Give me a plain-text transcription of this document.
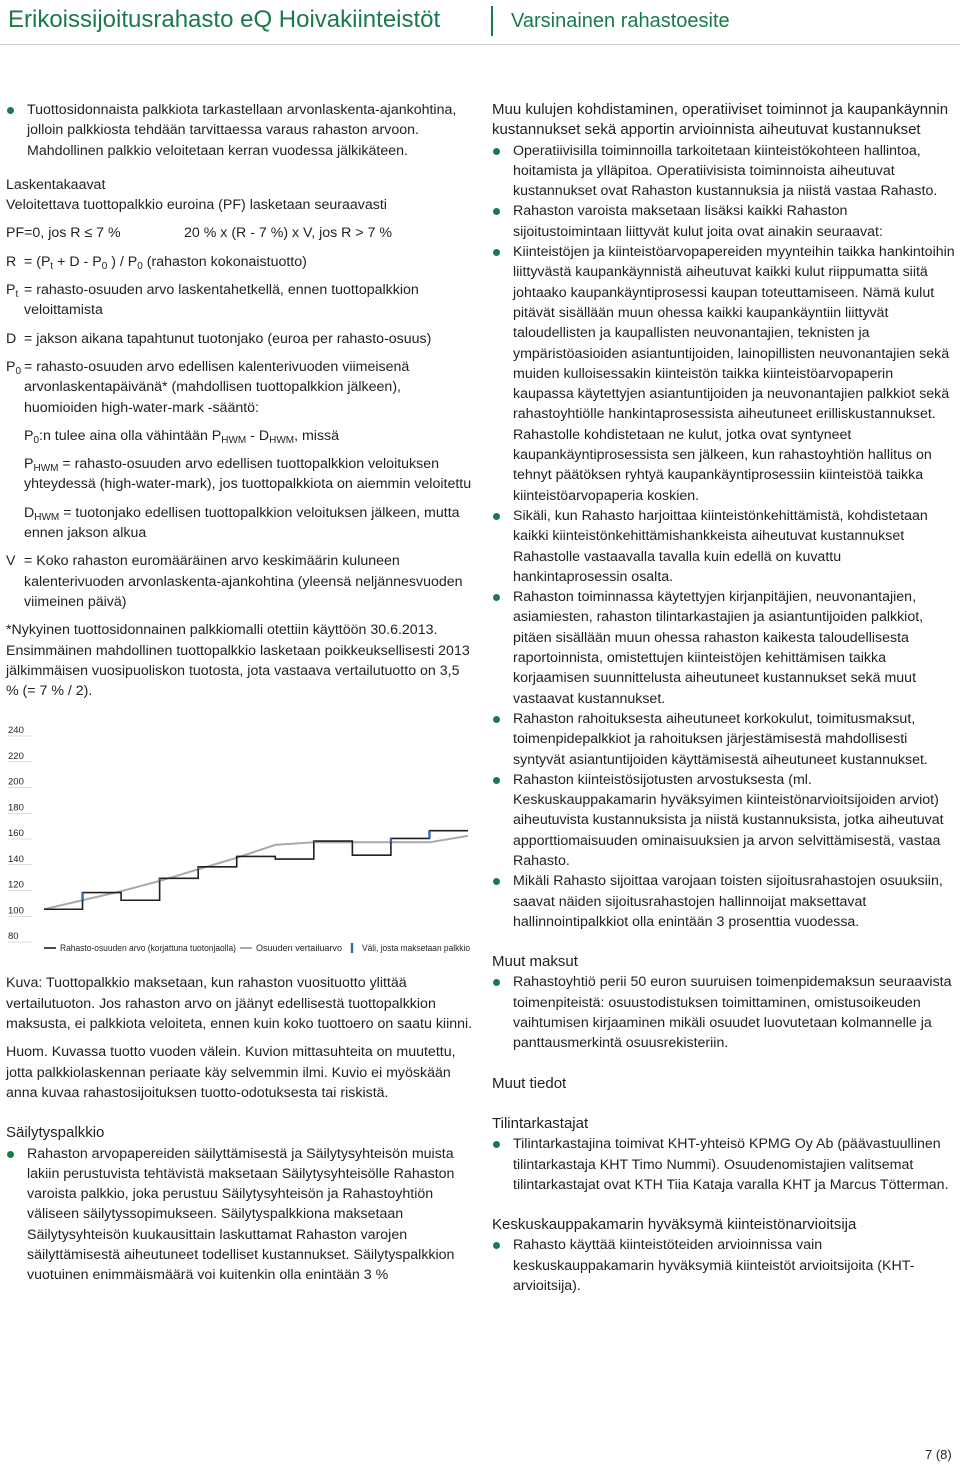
Erikoissijoitusrahasto eQ Hoivakiinteistöt	Varsinainen rahastoesite
Tuottosidonnaista palkkiota tarkastellaan arvonlaskenta-ajankohtina, jolloin palkkiosta tehdään tarvittaessa varaus rahaston arvoon. Mahdollinen palkkio veloitetaan kerran vuodessa jälkikäteen.

Laskentakaavat

Veloitettava tuottopalkkio euroina (PF) lasketaan seuraavasti

PF=0, jos R ≤ 7 %	20 % x (R - 7 %) x V, jos R > 7 %
$R = (P_t + D - P_0$ ) / $P_0$ (rahaston kokonaistuotto)
$P_t$ = rahasto-osuuden arvo laskentahetkellä, ennen tuottopalkkion veloittamista
D = jakson aikana tapahtunut tuotonjako (euroa per rahasto-osuus)
$P_0$ = rahasto-osuuden arvo edellisen kalenterivuoden viimeisenä arvonlaskentapäivänä* (mahdollisen tuottopalkkion jälkeen), huomioiden high-water-mark -sääntö:
$P_0:n$ tulee aina olla vähintään $P_{HWM} - D_{HWM}$, missä
$P_{HWM}$ = rahasto-osuuden arvo edellisen tuottopalkkion veloituksen yhteydessä (high-water-mark), jos tuottopalkkiota on aiemmin veloitettu
$D_{HWM}$ = tuotonjako edellisen tuottopalkkion veloituksen jälkeen, mutta ennen jakson alkua
V = Koko rahaston euromääräinen arvo keskimäärin kuluneen kalenterivuoden arvonlaskenta-ajankohtina (yleensä neljännesvuoden viimeinen päivä)

*Nykyinen tuottosidonnainen palkkiomalli otettiin käyttöön 30.6.2013. Ensimmäinen mahdollinen tuottopalkkio lasketaan poikkeuksellisesti 2013 jälkimmäisen vuosipuoliskon tuotosta, jota vastaava vertailutuotto on 3,5 % (= 7 % / 2).

240
220
200
180
160
140
120
100
80
Rahasto-osuuden arvo (korjattuna tuotonjaolla) Osuuden vertailuarvo Väli, josta maksetaan palkkio

Kuva: Tuottopalkkio maksetaan, kun rahaston vuosituotto ylittää vertailutuoton. Jos rahaston arvo on jäänyt edellisestä tuottopalkkion maksusta, ei palkkiota veloiteta, ennen kuin koko tuottoero on saatu kiinni.

Huom. Kuvassa tuotto vuoden välein. Kuvion mittasuhteita on muutettu, jotta palkkiolaskennan periaate käy selvemmin ilmi. Kuvio ei myöskään anna kuvaa rahastosijoituksen tuotto-odotuksesta tai riskistä.

Säilytyspalkkio

Rahaston arvopapereiden säilyttämisestä ja Säilytysyhteisön muista lakiin perustuvista tehtävistä maksetaan Säilytysyhteisölle Rahaston varoista palkkio, joka perustuu Säilytysyhteisön ja Rahastoyhtiön väliseen säilytyssopimukseen. Säilytyspalkkiona maksetaan Säilytysyhteisön kuukausittain laskuttamat Rahaston varojen säilyttämisestä aiheutuneet todelliset kustannukset. Säilytyspalkkion vuotuinen enimmäismäärä voi kuitenkin olla enintään 3 %

Muu kulujen kohdistaminen, operatiiviset toiminnot ja kaupankäynnin kustannukset sekä apportin arvioinnista aiheutuvat kustannukset

Operatiivisilla toiminnoilla tarkoitetaan kiinteistökohteen hallintoa, hoitamista ja ylläpitoa. Operatiivisista toiminnoista aiheutuvat kustannukset ovat Rahaston kustannuksia ja niistä vastaa Rahasto.
Rahaston varoista maksetaan lisäksi kaikki Rahaston sijoitustoimintaan liittyvät kulut joita ovat ainakin seuraavat:
Kiinteistöjen ja kiinteistöarvopapereiden myynteihin taikka hankintoihin liittyvästä kaupankäynnistä aiheutuvat kaikki kulut riippumatta siitä johtaako kaupankäyntiprosessi kaupan toteuttamiseen. Nämä kulut pitävät sisällään muun ohessa kaikki kaupankäyntiin liittyvät taloudellisten ja kaupallisten neuvonantajien, teknisten ja ympäristöasioiden asiantuntijoiden, lainopillisten neuvonantajien sekä muiden kulloisessakin kiinteistön taikka kiinteistöarvopaperin kaupassa käytettyjen asiantuntijoiden ja neuvonantajien palkkiot sekä rahastoyhtiölle hankintaprosessista aiheutuneet erilliskustannukset. Rahastolle kohdistetaan ne kulut, jotka ovat syntyneet kaupankäyntiprosessista sen jälkeen, kun rahastoyhtiön hallitus on tehnyt päätöksen ryhtyä kaupankäyntiprosessiin kiinteistöä taikka kiinteistöarvopaperia koskien.
Sikäli, kun Rahasto harjoittaa kiinteistönkehittämistä, kohdistetaan kaikki kiinteistönkehittämishankkeista aiheutuvat kustannukset Rahastolle vastaavalla tavalla kuin edellä on kuvattu hankintaprosessin osalta.
Rahaston toiminnassa käytettyjen kirjanpitäjien, neuvonantajien, asiamiesten, rahaston tilintarkastajien ja asiantuntijoiden palkkiot, pitäen sisällään muun ohessa rahaston kaikesta taloudellisesta raportoinnista, omistettujen kiinteistöjen kehittämisen taikka korjaamisen suunnittelusta aiheutuneet kustannukset sekä muut vastaavat kustannukset.
Rahaston rahoituksesta aiheutuneet korkokulut, toimitusmaksut, toimenpidepalkkiot ja rahoituksen järjestämisestä mahdollisesti syntyvät asiantuntijoiden käyttämisestä aiheutuneet kustannukset.
Rahaston kiinteistösijotusten arvostuksesta (ml. Keskuskauppakamarin hyväksyimen kiinteistönarvioitsijoiden arviot) aiheutuvista kustannuksista ja niistä kustannuksista, jotka aiheutuvat apporttiomaisuuden ominaisuuksien ja arvon selvittämisestä, vastaa Rahasto.
Mikäli Rahasto sijoittaa varojaan toisten sijoitusrahastojen osuuksiin, saavat näiden sijoitusrahastojen hallinnoijat maksettavat hallinnointipalkkiot olla enintään 3 prosenttia vuodessa.

Muut maksut

Rahastoyhtiö perii 50 euron suuruisen toimenpidemaksun seuraavista toimenpiteistä: osuustodistuksen toimittaminen, omistusoikeuden vaihtumisen kirjaaminen mikäli osuudet luovutetaan kolmannelle ja panttausmerkintä osuusrekisteriin.

Muut tiedot

Tilintarkastajat

Tilintarkastajina toimivat KHT-yhteisö KPMG Oy Ab (päävastuullinen tilintarkastaja KHT Timo Nummi). Osuudenomistajien valitsemat tilintarkastajat ovat KTH Tiia Kataja varalla KHT ja Marcus Tötterman.

Keskuskauppakamarin hyväksymä kiinteistönarvioitsija

Rahasto käyttää kiinteistöteiden arvioinnissa vain keskuskauppakamarin hyväksymiä kiinteistöt arvioitsijoita (KHT-arvioitsija).
7 (8)
